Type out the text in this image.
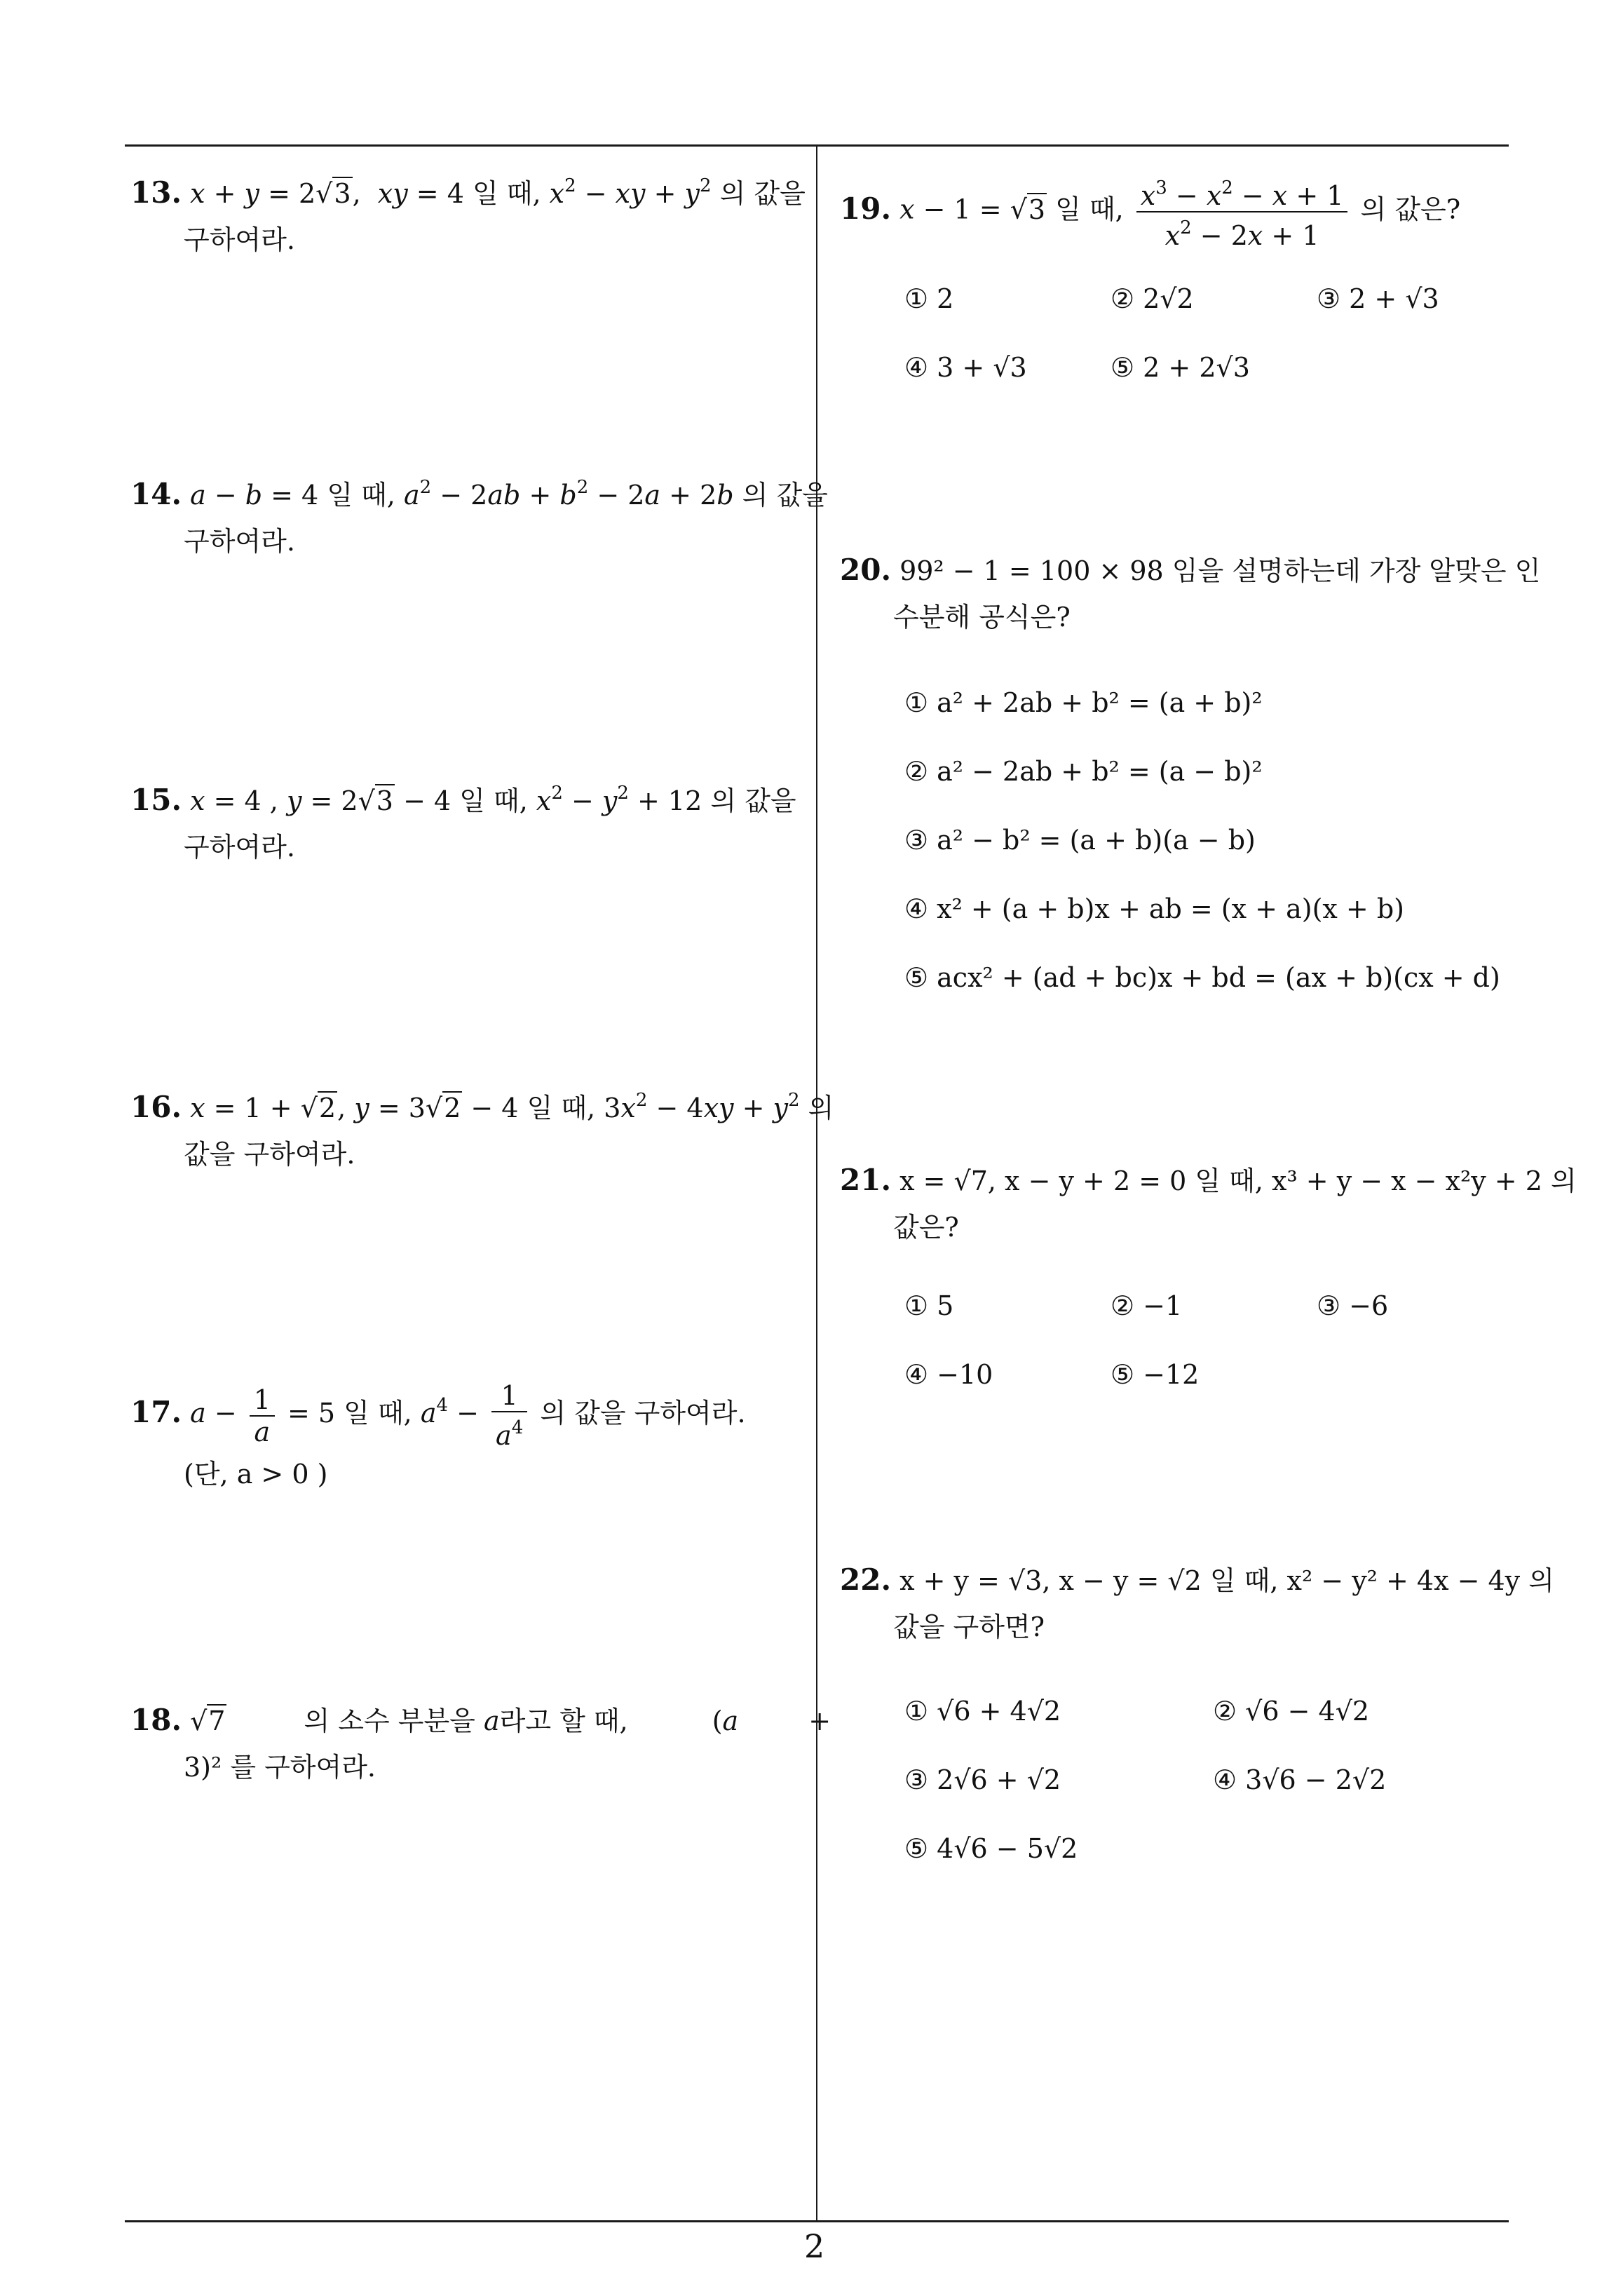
13. x + y = 2√3,  xy = 4 일 때, $x^2$ − xy + $y^2$ 의 값을
구하여라.
14. a − b = 4 일 때, $a^2 - 2ab + b^2 - 2a + 2b$ 의 값을
구하여라.
15. x = 4 , y = 2√3 − 4 일 때, $x^2 - y^2 + 12$ 의 값을
구하여라.
16. x = 1 + √2, y = 3√2 − 4 일 때, $3x^2 - 4xy + y^2$ 의
값을 구하여라.
17. $a - \frac{1}{a} = 5$ 일 때, $a^4 - \frac{1}{a^4}$ 의 값을 구하여라.
(단, a > 0 )
18. √7	의 소수 부분을 a라고 할 때,	(a	+
3)² 를 구하여라.
19. x − 1 = √3 일 때, $\frac{x^3 - x^2 - x + 1}{x^2 - 2x + 1}$ 의 값은?
① 2	② 2√2	③ 2 + √3
④ 3 + √3	⑤ 2 + 2√3
20. 99² − 1 = 100 × 98 임을 설명하는데 가장 알맞은 인
수분해 공식은?
① a² + 2ab + b² = (a + b)²
② a² − 2ab + b² = (a − b)²
③ a² − b² = (a + b)(a − b)
④ x² + (a + b)x + ab = (x + a)(x + b)
⑤ acx² + (ad + bc)x + bd = (ax + b)(cx + d)
21. x = √7, x − y + 2 = 0 일 때, x³ + y − x − x²y + 2 의
값은?
① 5	② −1	③ −6
④ −10	⑤ −12
22. x + y = √3, x − y = √2 일 때, x² − y² + 4x − 4y 의
값을 구하면?
① √6 + 4√2	② √6 − 4√2
③ 2√6 + √2	④ 3√6 − 2√2
⑤ 4√6 − 5√2
2
